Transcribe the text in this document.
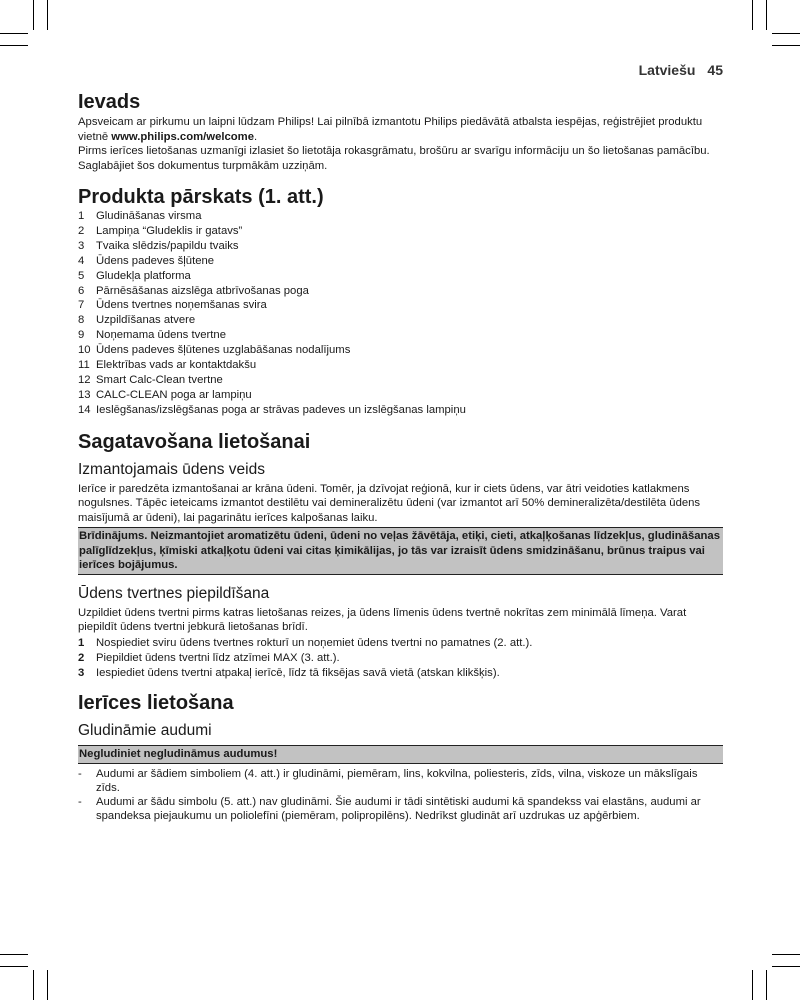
Latviešu 45
Ievads

Apsveicam ar pirkumu un laipni lūdzam Philips! Lai pilnībā izmantotu Philips piedāvātā atbalsta iespējas, reģistrējiet produktu vietnē www.philips.com/welcome.

Pirms ierīces lietošanas uzmanīgi izlasiet šo lietotāja rokasgrāmatu, brošūru ar svarīgu informāciju un šo lietošanas pamācību. Saglabājiet šos dokumentus turpmākām uzziņām.

Produkta pārskats (1. att.)
1	Gludināšanas virsma
2	Lampiņa “Gludeklis ir gatavs”
3	Tvaika slēdzis/papildu tvaiks
4	Ūdens padeves šļūtene
5	Gludekļa platforma
6	Pārnēsāšanas aizslēga atbrīvošanas poga
7	Ūdens tvertnes noņemšanas svira
8	Uzpildīšanas atvere
9	Noņemama ūdens tvertne
10 Ūdens padeves šļūtenes uzglabāšanas nodalījums
11 Elektrības vads ar kontaktdakšu
12 Smart Calc-Clean tvertne
13 CALC-CLEAN poga ar lampiņu
14 Ieslēgšanas/izslēgšanas poga ar strāvas padeves un izslēgšanas lampiņu
Sagatavošana lietošanai
Izmantojamais ūdens veids

Ierīce ir paredzēta izmantošanai ar krāna ūdeni. Tomēr, ja dzīvojat reģionā, kur ir ciets ūdens, var ātri veidoties katlakmens nogulsnes. Tāpēc ieteicams izmantot destilētu vai demineralizētu ūdeni (var izmantot arī 50% demineralizēta/destilēta ūdens maisījumā ar ūdeni), lai pagarinātu ierīces kalpošanas laiku.

Brīdinājums. Neizmantojiet aromatizētu ūdeni, ūdeni no veļas žāvētāja, etiķi, cieti, atkaļķošanas līdzekļus, gludināšanas palīglīdzekļus, ķīmiski atkaļķotu ūdeni vai citas ķimikālijas, jo tās var izraisīt ūdens smidzināšanu, brūnus traipus vai ierīces bojājumus.
Ūdens tvertnes piepildīšana

Uzpildiet ūdens tvertni pirms katras lietošanas reizes, ja ūdens līmenis ūdens tvertnē nokrītas zem minimālā līmeņa. Varat piepildīt ūdens tvertni jebkurā lietošanas brīdī.

1	Nospiediet sviru ūdens tvertnes rokturī un noņemiet ūdens tvertni no pamatnes (2. att.).
2	Piepildiet ūdens tvertni līdz atzīmei MAX (3. att.).
3	Iespiediet ūdens tvertni atpakaļ ierīcē, līdz tā fiksējas savā vietā (atskan klikšķis).
Ierīces lietošana
Gludināmie audumi
Negludiniet negludināmus audumus!
-	Audumi ar šādiem simboliem (4. att.) ir gludināmi, piemēram, lins, kokvilna, poliesteris, zīds, vilna, viskoze un mākslīgais zīds.
-	Audumi ar šādu simbolu (5. att.) nav gludināmi. Šie audumi ir tādi sintētiski audumi kā spandekss vai elastāns, audumi ar spandeksa piejaukumu un poliolefīni (piemēram, polipropilēns). Nedrīkst gludināt arī uzdrukas uz apģērbiem.
